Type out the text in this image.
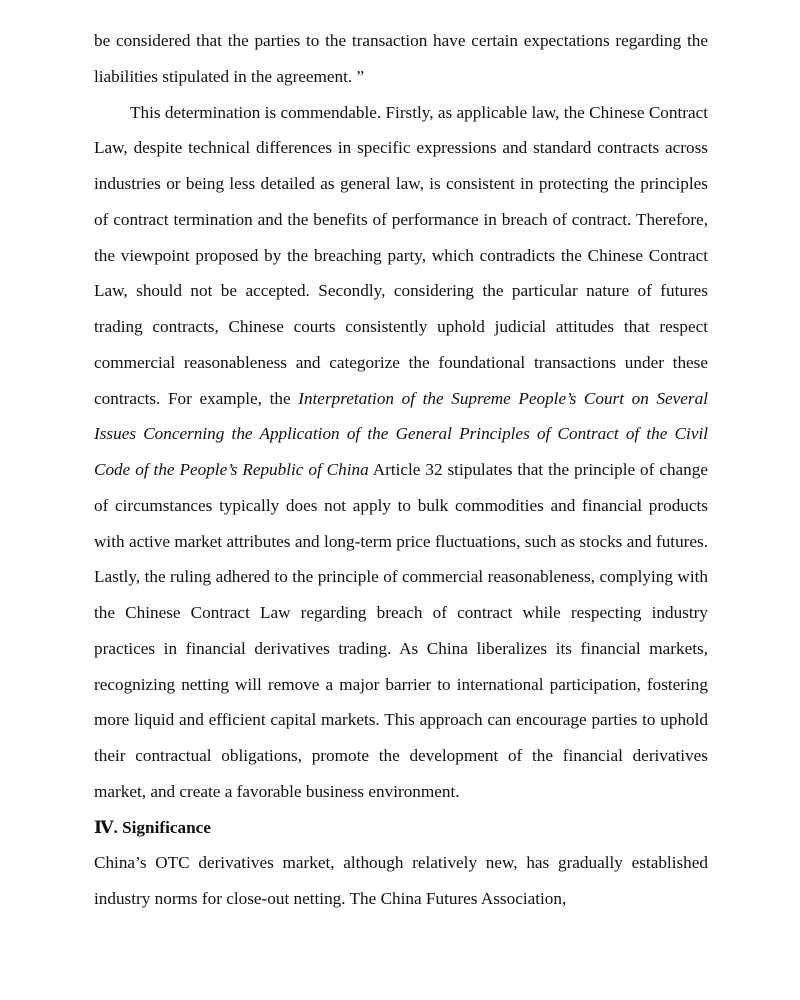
be considered that the parties to the transaction have certain expectations regarding the liabilities stipulated in the agreement. ”

This determination is commendable. Firstly, as applicable law, the Chinese Contract Law, despite technical differences in specific expressions and standard contracts across industries or being less detailed as general law, is consistent in protecting the principles of contract termination and the benefits of performance in breach of contract. Therefore, the viewpoint proposed by the breaching party, which contradicts the Chinese Contract Law, should not be accepted. Secondly, considering the particular nature of futures trading contracts, Chinese courts consistently uphold judicial attitudes that respect commercial reasonableness and categorize the foundational transactions under these contracts. For example, the Interpretation of the Supreme People’s Court on Several Issues Concerning the Application of the General Principles of Contract of the Civil Code of the People’s Republic of China Article 32 stipulates that the principle of change of circumstances typically does not apply to bulk commodities and financial products with active market attributes and long-term price fluctuations, such as stocks and futures. Lastly, the ruling adhered to the principle of commercial reasonableness, complying with the Chinese Contract Law regarding breach of contract while respecting industry practices in financial derivatives trading. As China liberalizes its financial markets, recognizing netting will remove a major barrier to international participation, fostering more liquid and efficient capital markets. This approach can encourage parties to uphold their contractual obligations, promote the development of the financial derivatives market, and create a favorable business environment.

Ⅳ. Significance

China’s OTC derivatives market, although relatively new, has gradually established industry norms for close-out netting. The China Futures Association,
